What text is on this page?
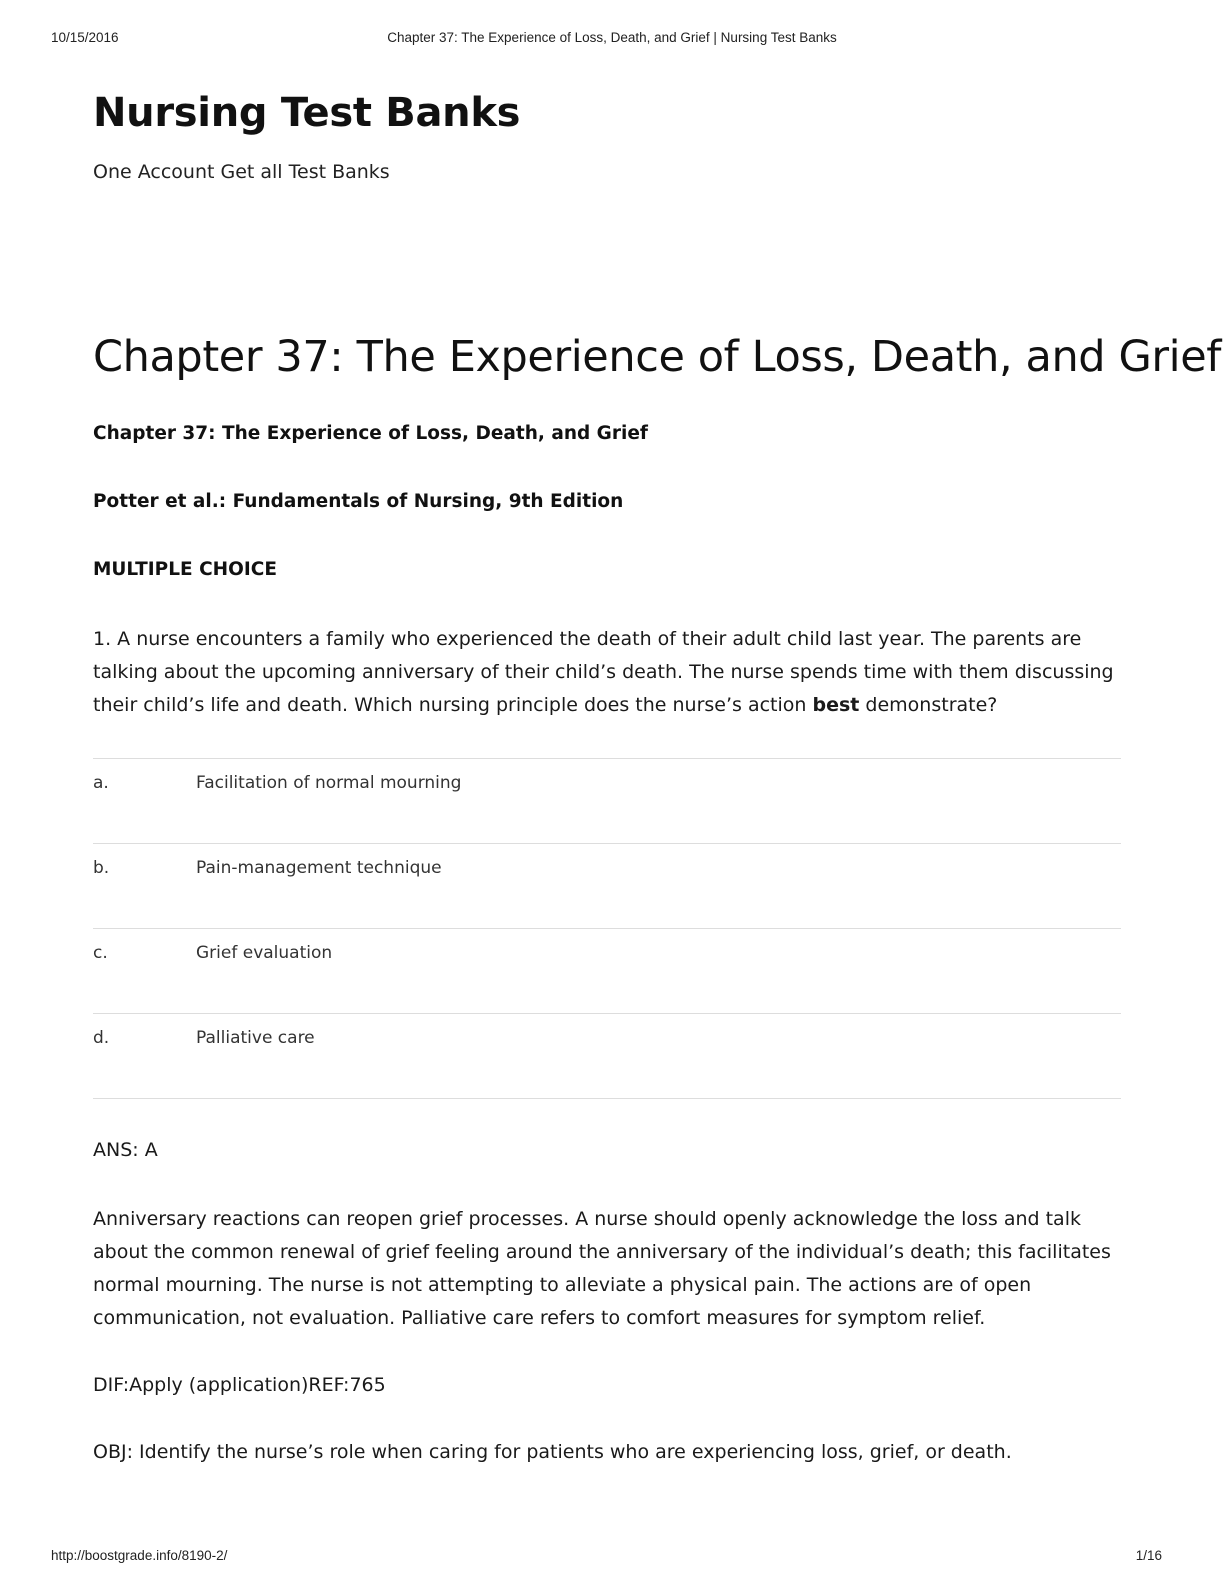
10/15/2016	Chapter 37: The Experience of Loss, Death, and Grief | Nursing Test Banks
Nursing Test Banks

One Account Get all Test Banks

Chapter 37: The Experience of Loss, Death, and Grief

Chapter 37: The Experience of Loss, Death, and Grief

Potter et al.: Fundamentals of Nursing, 9th Edition

MULTIPLE CHOICE

1. A nurse encounters a family who experienced the death of their adult child last year. The parents are talking about the upcoming anniversary of their child’s death. The nurse spends time with them discussing their child’s life and death. Which nursing principle does the nurse’s action best demonstrate?

a.	Facilitation of normal mourning
b.	Pain-management technique
c.	Grief evaluation
d.	Palliative care

ANS: A

Anniversary reactions can reopen grief processes. A nurse should openly acknowledge the loss and talk about the common renewal of grief feeling around the anniversary of the individual’s death; this facilitates normal mourning. The nurse is not attempting to alleviate a physical pain. The actions are of open communication, not evaluation. Palliative care refers to comfort measures for symptom relief.

DIF:Apply (application)REF:765

OBJ: Identify the nurse’s role when caring for patients who are experiencing loss, grief, or death.

http://boostgrade.info/8190-2/	1/16
